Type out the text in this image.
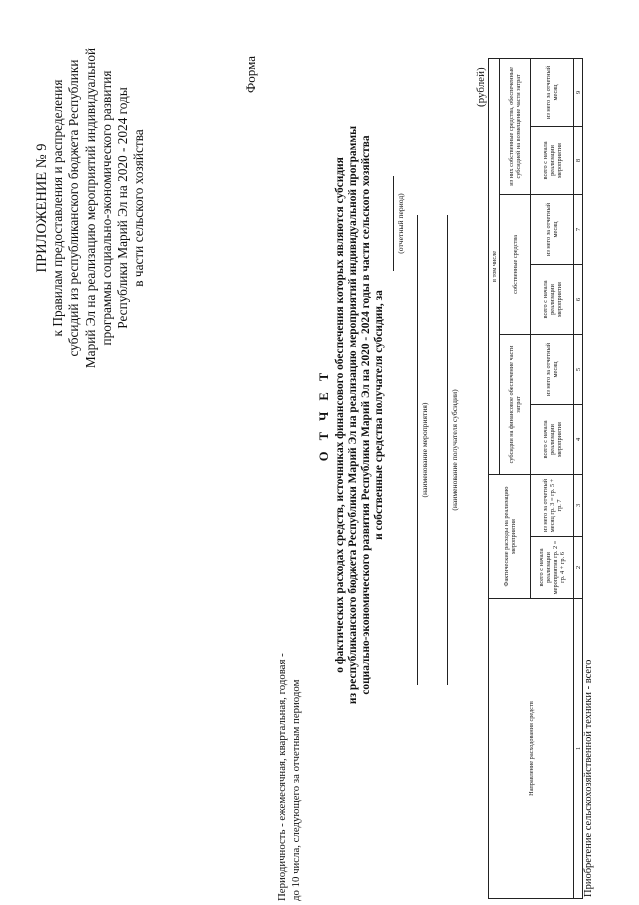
ПРИЛОЖЕНИЕ № 9 к Правилам предоставления и распределения субсидий из республиканского бюджета Республики Марий Эл на реализацию мероприятий индивидуальной программы социально-экономического развития Республики Марий Эл на 2020 - 2024 годы в части сельского хозяйства
Форма
О Т Ч Е Т о фактических расходах средств, источниках финансового обеспечения которых являются субсидия из республиканского бюджета Республики Марий Эл на реализацию мероприятий индивидуальной программы социально-экономического развития Республики Марий Эл на 2020 - 2024 годы в части сельского хозяйства и собственные средства получателя субсидии, за
(отчетный период)
(наименование мероприятия)	(наименование получателя субсидии)
Периодичность - ежемесячная, квартальная, годовая - до 10 числа, следующего за отчетным периодом
(рублей)
Направление расходования средств	Фактические расходы на реализацию мероприятия		в том числе					
			субсидии на финансовое обеспечение части затрат		собственные средства		из них собственные средства, обеспеченные субсидией на возмещение части затрат	
	всего с начала реализации мероприятия гр. 2 = гр. 4 + гр. 6	из него за отчетный месяц гр. 3 = гр. 5 + гр. 7	всего с начала реализации мероприятия	из него за отчетный месяц	всего с начала реализации мероприятия	из него за отчетный месяц	всего с начала реализации мероприятия	из него за отчетный месяц
1	2	3	4	5	6	7	8	9
Приобретение сельскохозяйственной техники - всего
